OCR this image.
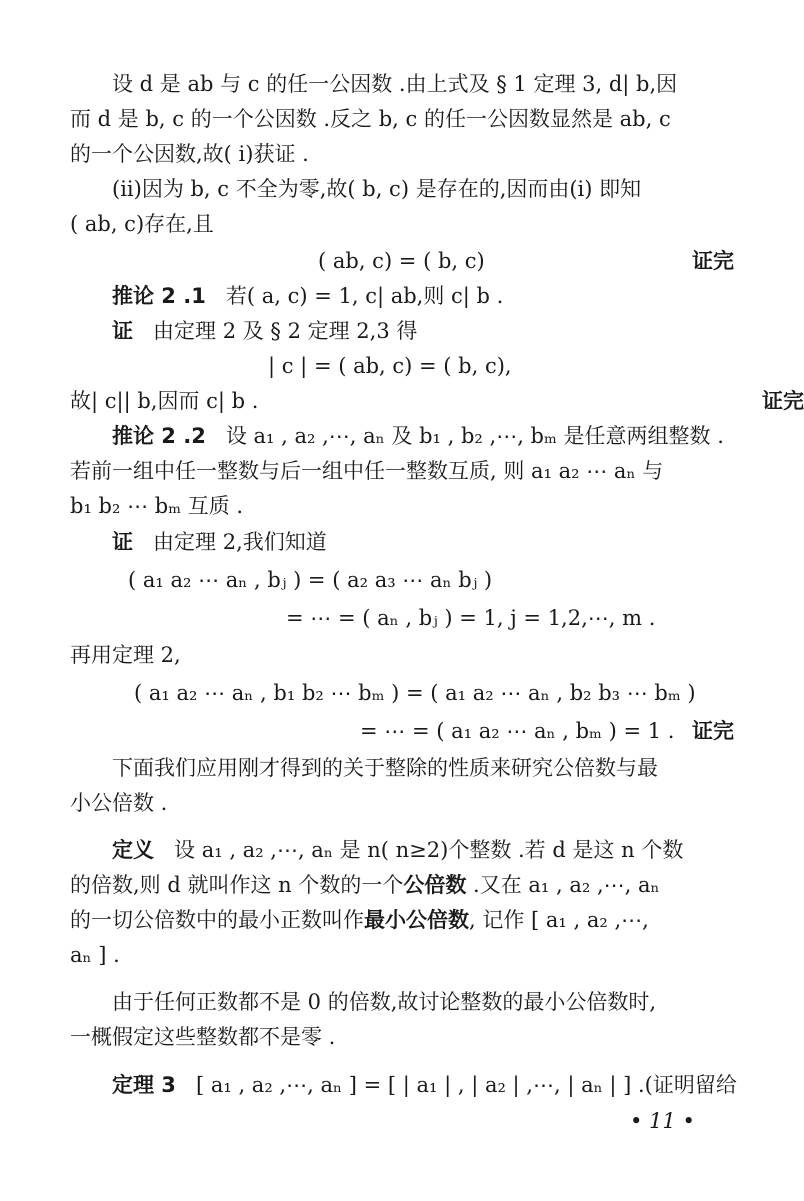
设 d 是 ab 与 c 的任一公因数 .由上式及 § 1 定理 3, d| b,因
而 d 是 b, c 的一个公因数 .反之 b, c 的任一公因数显然是 ab, c
的一个公因数,故( i)获证 .
(ii)因为 b, c 不全为零,故( b, c) 是存在的,因而由(i) 即知
( ab, c)存在,且
( ab, c) = ( b, c)	证完
推论 2 .1 若( a, c) = 1, c| ab,则 c| b .
证 由定理 2 及 § 2 定理 2,3 得
| c | = ( ab, c) = ( b, c),
故| c|| b,因而 c| b .	证完
推论 2 .2 设 a₁ , a₂ ,⋯, aₙ 及 b₁ , b₂ ,⋯, bₘ 是任意两组整数 .
若前一组中任一整数与后一组中任一整数互质, 则 a₁ a₂ ⋯ aₙ 与
b₁ b₂ ⋯ bₘ 互质 .
证 由定理 2,我们知道
( a₁ a₂ ⋯ aₙ , bⱼ ) = ( a₂ a₃ ⋯ aₙ bⱼ )
= ⋯ = ( aₙ , bⱼ ) = 1, j = 1,2,⋯, m .
再用定理 2,
( a₁ a₂ ⋯ aₙ , b₁ b₂ ⋯ bₘ ) = ( a₁ a₂ ⋯ aₙ , b₂ b₃ ⋯ bₘ )
= ⋯ = ( a₁ a₂ ⋯ aₙ , bₘ ) = 1 . 证完
下面我们应用刚才得到的关于整除的性质来研究公倍数与最
小公倍数 .
定义 设 a₁ , a₂ ,⋯, aₙ 是 n( n≥2)个整数 .若 d 是这 n 个数
的倍数,则 d 就叫作这 n 个数的一个公倍数 .又在 a₁ , a₂ ,⋯, aₙ
的一切公倍数中的最小正数叫作最小公倍数, 记作 [ a₁ , a₂ ,⋯,
aₙ ] .
由于任何正数都不是 0 的倍数,故讨论整数的最小公倍数时,
一概假定这些整数都不是零 .
定理 3 [ a₁ , a₂ ,⋯, aₙ ] = [ | a₁ | , | a₂ | ,⋯, | aₙ | ] .(证明留给
• 11 •
